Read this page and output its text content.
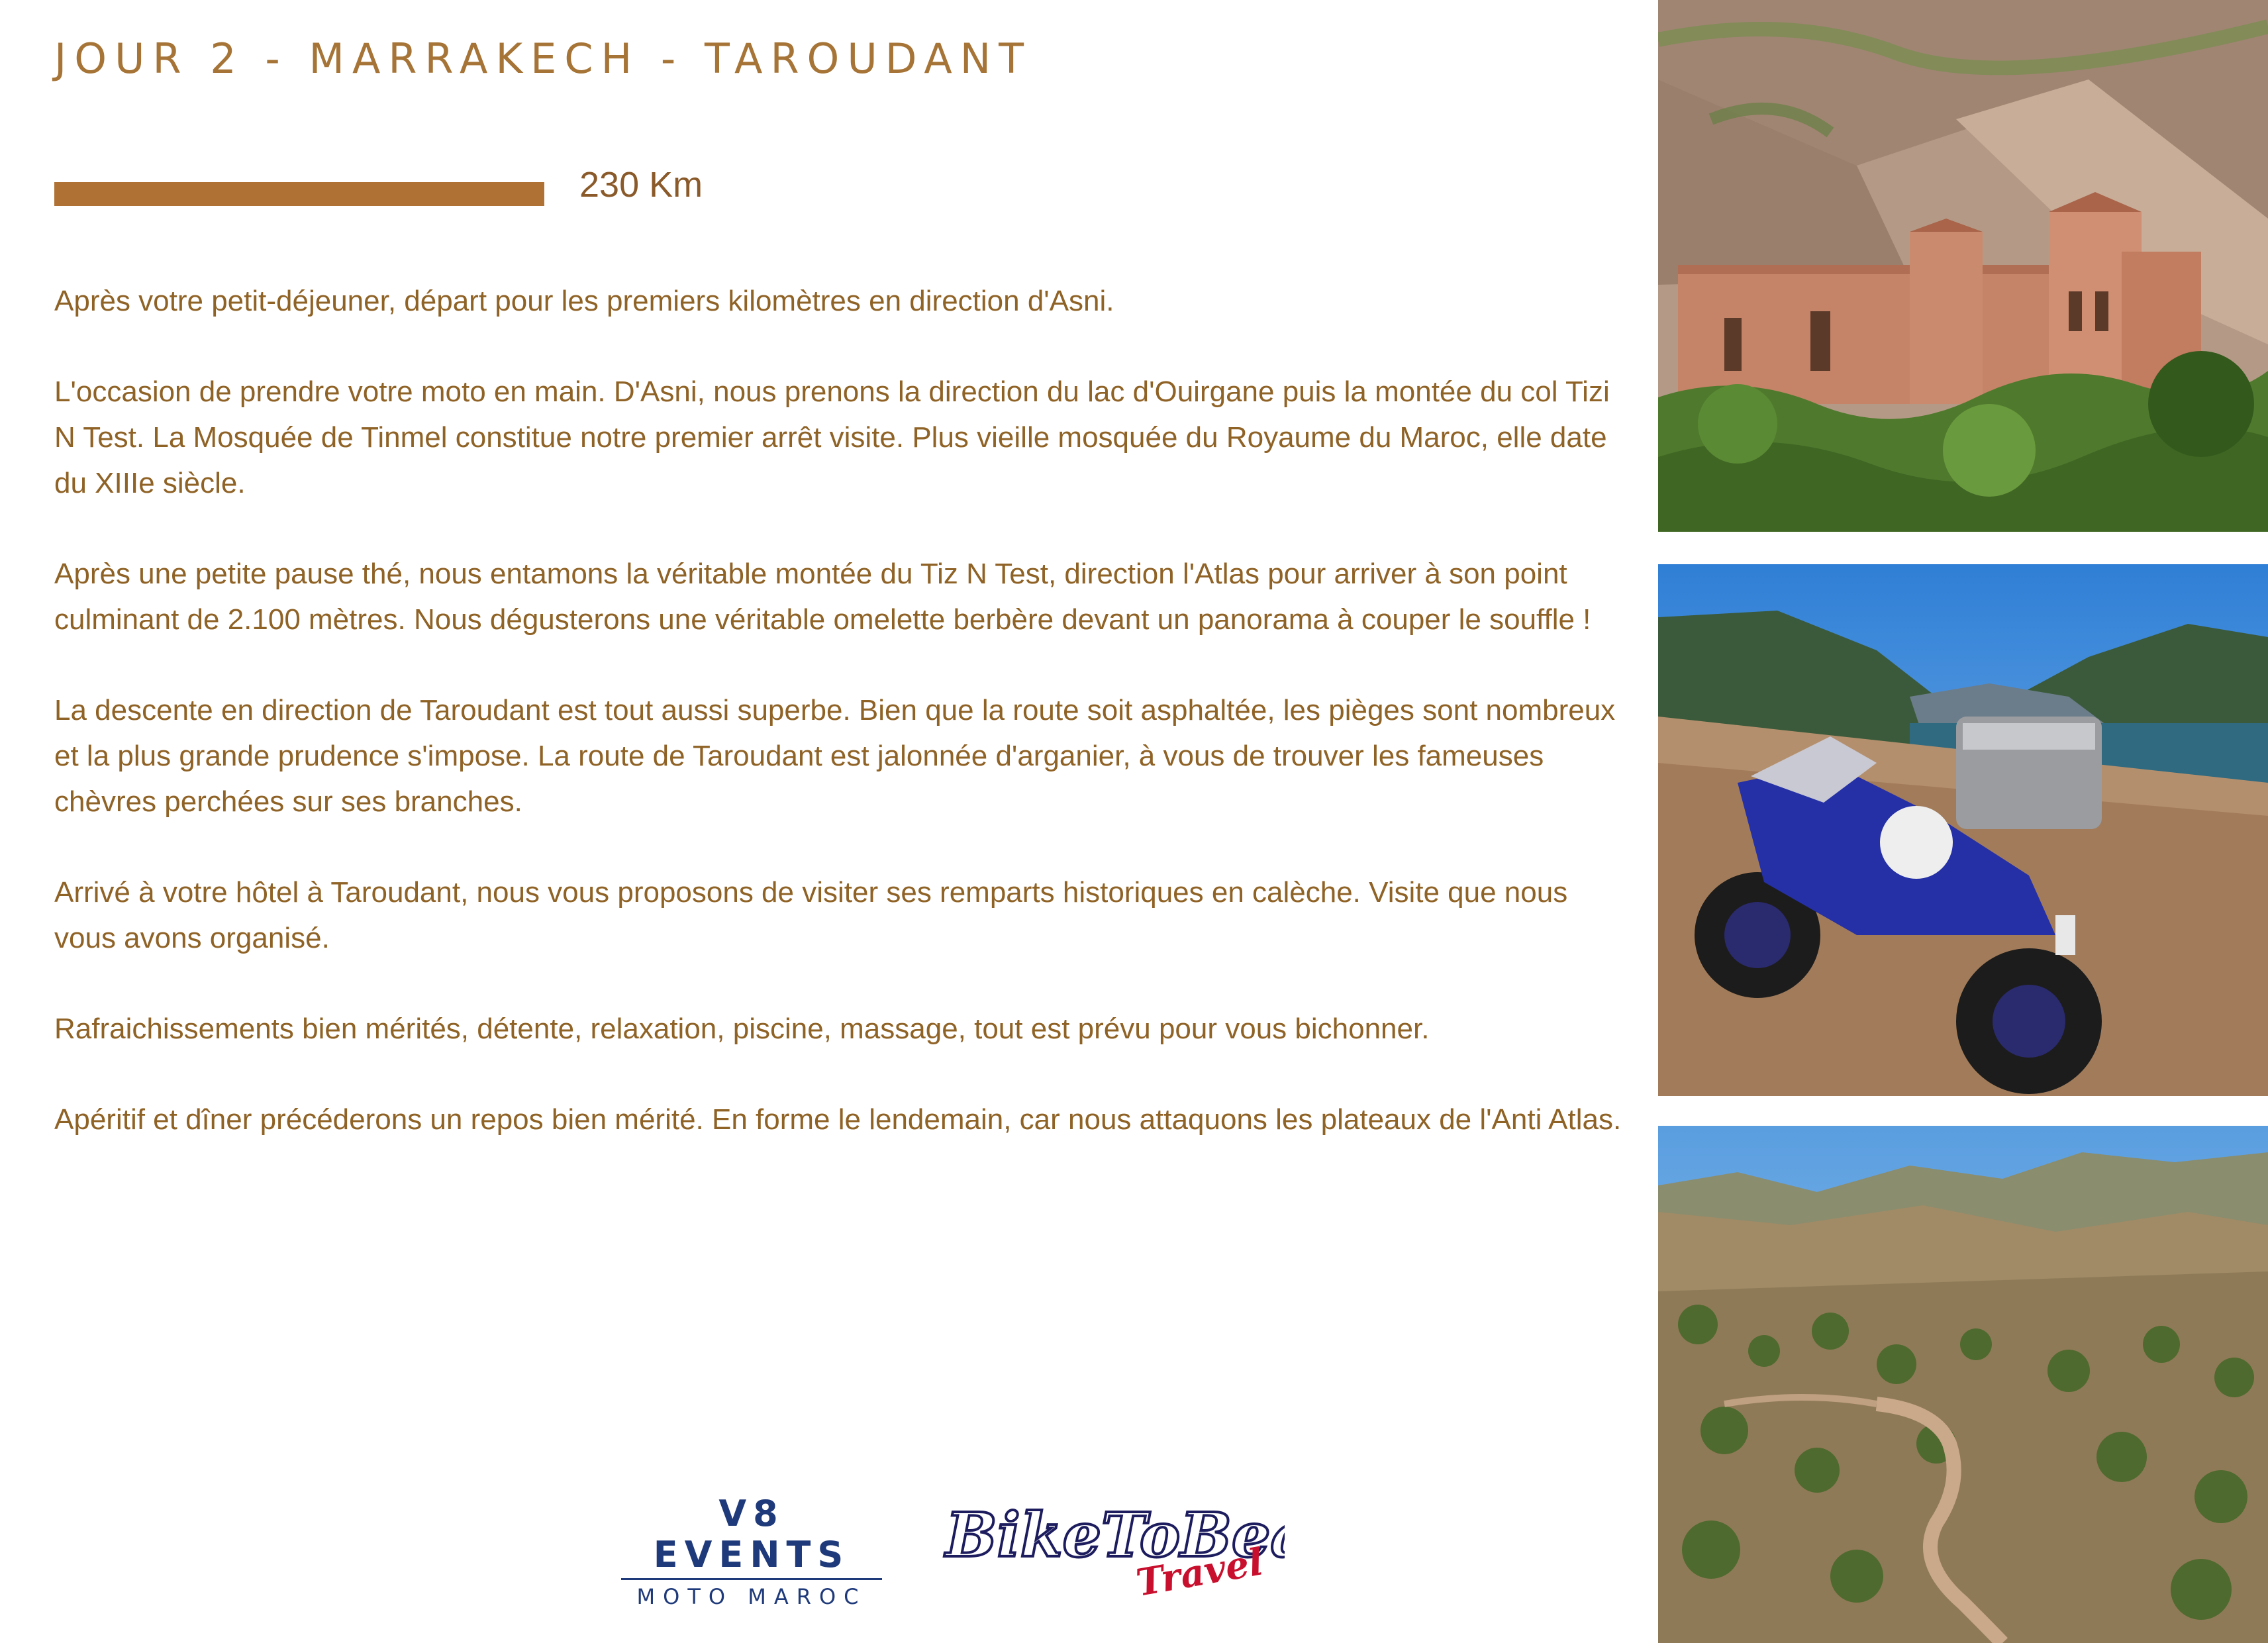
JOUR 2 - MARRAKECH - TAROUDANT
230 Km

Après votre petit-déjeuner, départ pour les premiers kilomètres en direction d'Asni.

L'occasion de prendre votre moto en main. D'Asni, nous prenons la direction du lac d'Ouirgane puis la montée du col Tizi N Test. La Mosquée de Tinmel constitue notre premier arrêt visite. Plus vieille mosquée du Royaume du Maroc, elle date du XIIIe siècle.

Après une petite pause thé, nous entamons la véritable montée du Tiz N Test, direction l'Atlas pour arriver à son point culminant de 2.100 mètres. Nous dégusterons une véritable omelette berbère devant un panorama à couper le souffle !

La descente en direction de Taroudant est tout aussi superbe. Bien que la route soit asphaltée, les pièges sont nombreux et la plus grande prudence s'impose. La route de Taroudant est jalonnée d'arganier, à vous de trouver les fameuses chèvres perchées sur ses branches.

Arrivé à votre hôtel à Taroudant, nous vous proposons de visiter ses remparts historiques en calèche. Visite que nous vous avons organisé.

Rafraichissements bien mérités, détente, relaxation, piscine, massage, tout est prévu pour vous bichonner.

Apéritif et dîner précéderons un repos bien mérité. En forme le lendemain, car nous attaquons les plateaux de l'Anti Atlas.

V8 EVENTS
MOTO MAROC
BikeToBe
Travel
